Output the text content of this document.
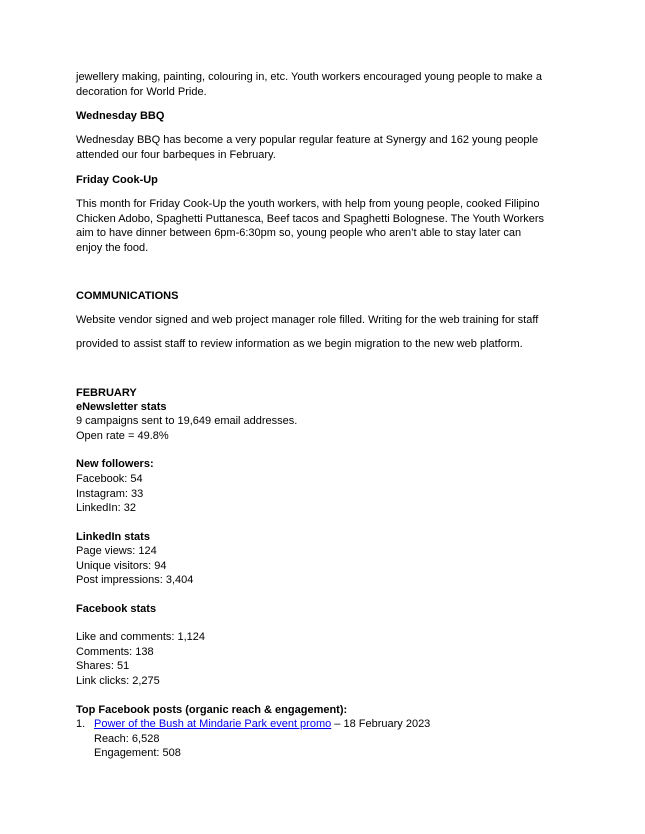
jewellery making, painting, colouring in, etc. Youth workers encouraged young people to make a
decoration for World Pride.
Wednesday BBQ
Wednesday BBQ has become a very popular regular feature at Synergy and 162 young people
attended our four barbeques in February.
Friday Cook-Up
This month for Friday Cook-Up the youth workers, with help from young people, cooked Filipino
Chicken Adobo, Spaghetti Puttanesca, Beef tacos and Spaghetti Bolognese. The Youth Workers
aim to have dinner between 6pm-6:30pm so, young people who aren’t able to stay later can
enjoy the food.
COMMUNICATIONS
Website vendor signed and web project manager role filled. Writing for the web training for staff
provided to assist staff to review information as we begin migration to the new web platform.
FEBRUARY
eNewsletter stats
9 campaigns sent to 19,649 email addresses.
Open rate = 49.8%
New followers:
Facebook: 54
Instagram: 33
LinkedIn: 32
LinkedIn stats
Page views: 124
Unique visitors: 94
Post impressions: 3,404
Facebook stats
Like and comments: 1,124
Comments: 138
Shares: 51
Link clicks: 2,275
Top Facebook posts (organic reach & engagement):
1. Power of the Bush at Mindarie Park event promo – 18 February 2023
Reach: 6,528
Engagement: 508
